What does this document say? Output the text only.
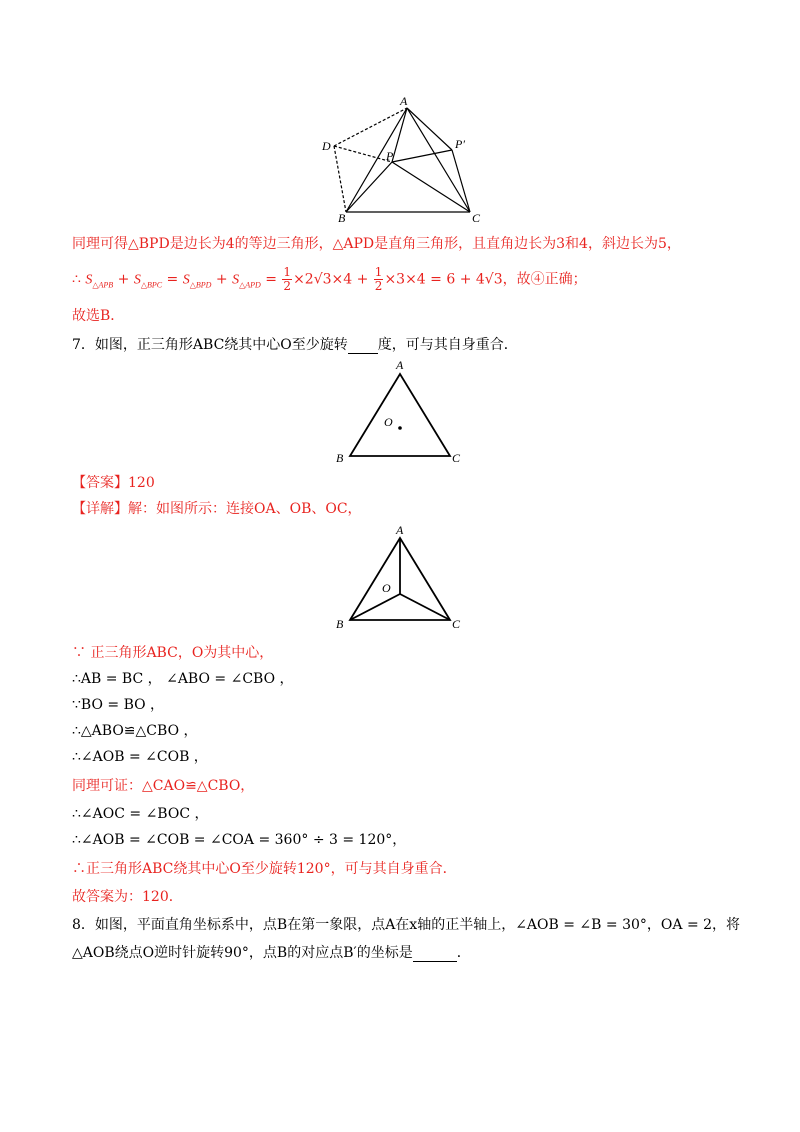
A
D
P
P′
B	C
同理可得△BPD是边长为4的等边三角形，△APD是直角三角形，且直角边长为3和4，斜边长为5，
∴ $S_{\triangle APB} + S_{\triangle BPC} = S_{\triangle BPD} + S_{\triangle APD} = \frac{1}{2} \times 2√3\times 4 + \frac{1}{2} \times 3\times 4 = 6 + 4√3$，故④正确；
故选B．
7．如图，正三角形ABC绕其中心O至少旋转 度，可与其自身重合．
A
O
B	C
【答案】120
【详解】解：如图所示：连接OA、OB、OC，
A
O
B	C
∵ 正三角形ABC，O为其中心，
∴AB = BC ， ∠ABO = ∠CBO ，
∵BO = BO ，
∴△ABO≌△CBO ，
∴∠AOB = ∠COB ，
同理可证：△CAO≌△CBO，
∴∠AOC = ∠BOC ，
∴∠AOB = ∠COB = ∠COA = 360° ÷ 3 = 120°，
∴正三角形ABC绕其中心O至少旋转120°，可与其自身重合．
故答案为：120．
8．如图，平面直角坐标系中，点B在第一象限，点A在x轴的正半轴上，∠AOB = ∠B = 30°，OA = 2，将
△AOB绕点O逆时针旋转90°，点B的对应点B′的坐标是	．
